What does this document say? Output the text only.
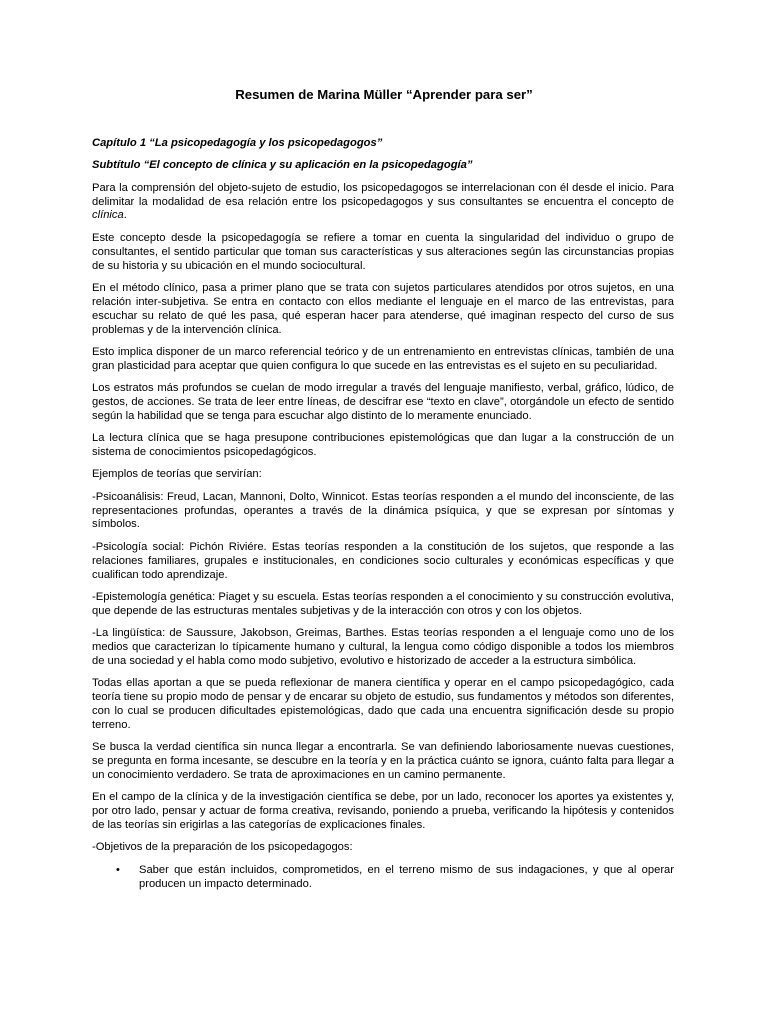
Resumen de Marina Müller “Aprender para ser”

Capítulo 1 “La psicopedagogía y los psicopedagogos”

Subtítulo “El concepto de clínica y su aplicación en la psicopedagogía”

Para la comprensión del objeto-sujeto de estudio, los psicopedagogos se interrelacionan con él desde el inicio. Para delimitar la modalidad de esa relación entre los psicopedagogos y sus consultantes se encuentra el concepto de clínica.

Este concepto desde la psicopedagogía se refiere a tomar en cuenta la singularidad del individuo o grupo de consultantes, el sentido particular que toman sus características y sus alteraciones según las circunstancias propias de su historia y su ubicación en el mundo sociocultural.

En el método clínico, pasa a primer plano que se trata con sujetos particulares atendidos por otros sujetos, en una relación inter-subjetiva. Se entra en contacto con ellos mediante el lenguaje en el marco de las entrevistas, para escuchar su relato de qué les pasa, qué esperan hacer para atenderse, qué imaginan respecto del curso de sus problemas y de la intervención clínica.

Esto implica disponer de un marco referencial teórico y de un entrenamiento en entrevistas clínicas, también de una gran plasticidad para aceptar que quien configura lo que sucede en las entrevistas es el sujeto en su peculiaridad.

Los estratos más profundos se cuelan de modo irregular a través del lenguaje manifiesto, verbal, gráfico, lúdico, de gestos, de acciones. Se trata de leer entre líneas, de descifrar ese “texto en clave”, otorgándole un efecto de sentido según la habilidad que se tenga para escuchar algo distinto de lo meramente enunciado.

La lectura clínica que se haga presupone contribuciones epistemológicas que dan lugar a la construcción de un sistema de conocimientos psicopedagógicos.

Ejemplos de teorías que servirían:

-Psicoanálisis: Freud, Lacan, Mannoni, Dolto, Winnicot. Estas teorías responden a el mundo del inconsciente, de las representaciones profundas, operantes a través de la dinámica psíquica, y que se expresan por síntomas y símbolos.

-Psicología social: Pichón Riviére. Estas teorías responden a la constitución de los sujetos, que responde a las relaciones familiares, grupales e institucionales, en condiciones socio culturales y económicas específicas y que cualifican todo aprendizaje.

-Epistemología genética: Piaget y su escuela. Estas teorías responden a el conocimiento y su construcción evolutiva, que depende de las estructuras mentales subjetivas y de la interacción con otros y con los objetos.

-La lingüística: de Saussure, Jakobson, Greimas, Barthes. Estas teorías responden a el lenguaje como uno de los medios que caracterizan lo típicamente humano y cultural, la lengua como código disponible a todos los miembros de una sociedad y el habla como modo subjetivo, evolutivo e historizado de acceder a la estructura simbólica.

Todas ellas aportan a que se pueda reflexionar de manera científica y operar en el campo psicopedagógico, cada teoría tiene su propio modo de pensar y de encarar su objeto de estudio, sus fundamentos y métodos son diferentes, con lo cual se producen dificultades epistemológicas, dado que cada una encuentra significación desde su propio terreno.

Se busca la verdad científica sin nunca llegar a encontrarla. Se van definiendo laboriosamente nuevas cuestiones, se pregunta en forma incesante, se descubre en la teoría y en la práctica cuánto se ignora, cuánto falta para llegar a un conocimiento verdadero. Se trata de aproximaciones en un camino permanente.

En el campo de la clínica y de la investigación científica se debe, por un lado, reconocer los aportes ya existentes y, por otro lado, pensar y actuar de forma creativa, revisando, poniendo a prueba, verificando la hipótesis y contenidos de las teorías sin erigirlas a las categorías de explicaciones finales.

-Objetivos de la preparación de los psicopedagogos:

• Saber que están incluidos, comprometidos, en el terreno mismo de sus indagaciones, y que al operar producen un impacto determinado.
